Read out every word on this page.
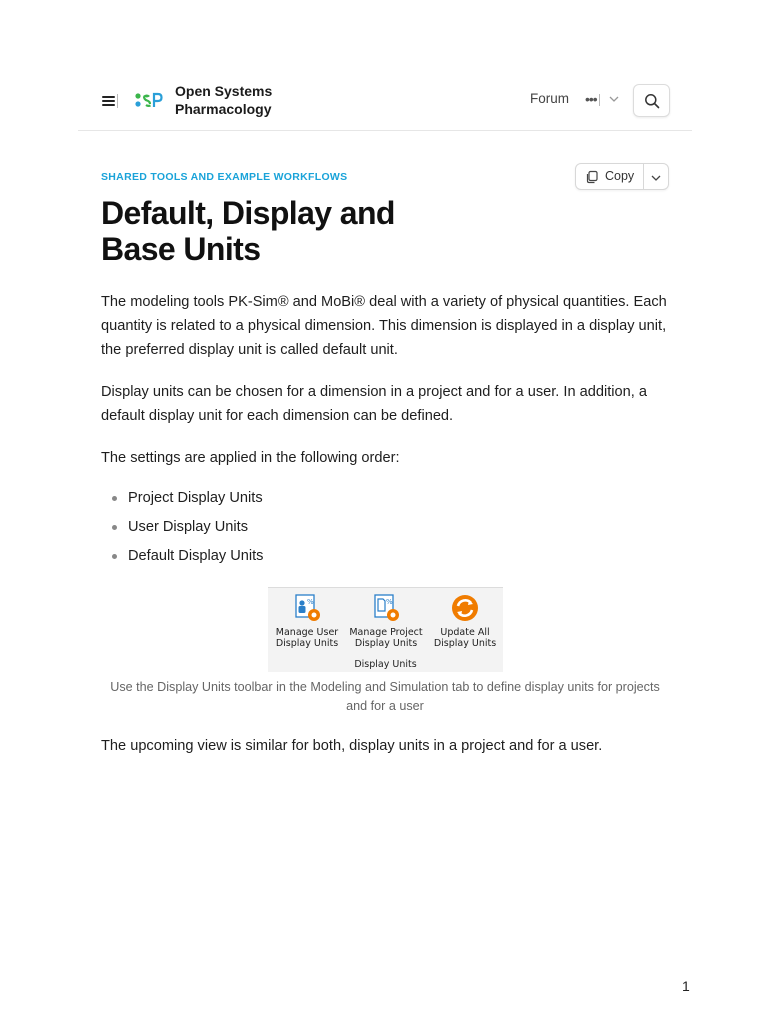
Open Systems
Pharmacology
Forum •••
SHARED TOOLS AND EXAMPLE WORKFLOWS	Copy
Default, Display and
Base Units

The modeling tools PK-Sim® and MoBi® deal with a variety of physical quantities. Each quantity is related to a physical dimension. This dimension is displayed in a display unit, the preferred display unit is called default unit.

Display units can be chosen for a dimension in a project and for a user. In addition, a default display unit for each dimension can be defined.

The settings are applied in the following order:

Project Display Units
User Display Units
Default Display Units
%
Manage User
Display Units
%
Manage Project
Display Units
Update All
Display Units
Display Units

Use the Display Units toolbar in the Modeling and Simulation tab to define display units for projects and for a user

The upcoming view is similar for both, display units in a project and for a user.

1
